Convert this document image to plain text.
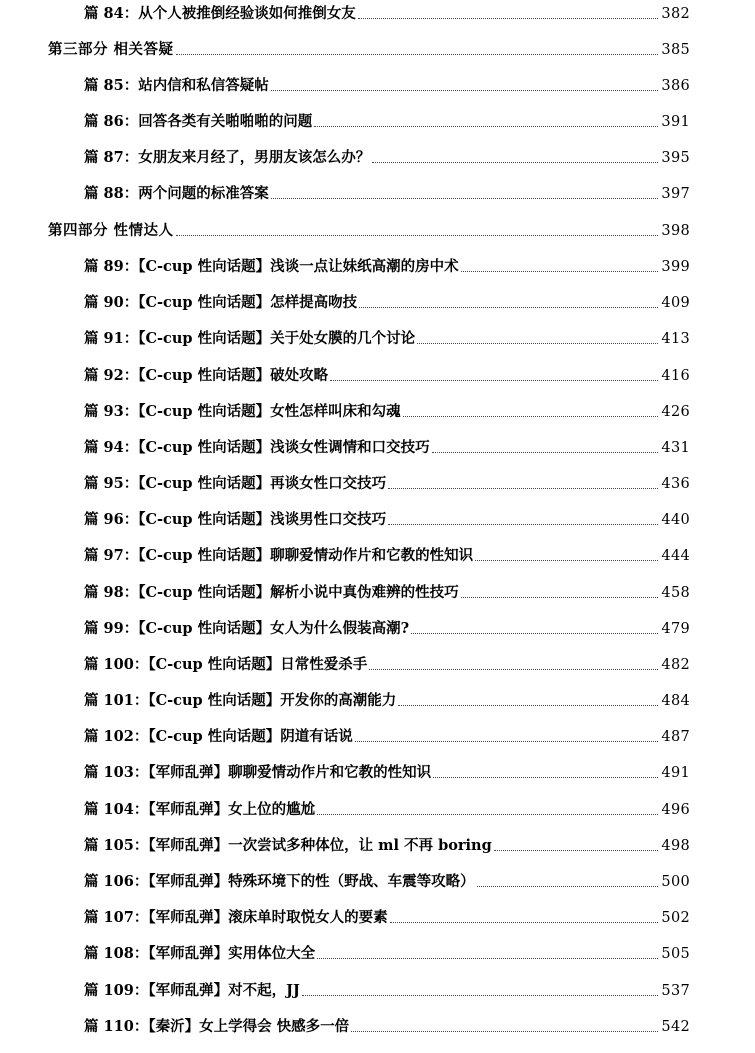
篇 84：从个人被推倒经验谈如何推倒女友	382
第三部分 相关答疑	385
篇 85：站内信和私信答疑帖	386
篇 86：回答各类有关啪啪啪的问题	391
篇 87：女朋友来月经了，男朋友该怎么办？	395
篇 88：两个问题的标准答案	397
第四部分 性情达人	398
篇 89：【C-cup 性向话题】浅谈一点让妹纸高潮的房中术	399
篇 90：【C-cup 性向话题】怎样提高吻技	409
篇 91：【C-cup 性向话题】关于处女膜的几个讨论	413
篇 92：【C-cup 性向话题】破处攻略	416
篇 93：【C-cup 性向话题】女性怎样叫床和勾魂	426
篇 94：【C-cup 性向话题】浅谈女性调情和口交技巧	431
篇 95：【C-cup 性向话题】再谈女性口交技巧	436
篇 96：【C-cup 性向话题】浅谈男性口交技巧	440
篇 97：【C-cup 性向话题】聊聊爱情动作片和它教的性知识	444
篇 98：【C-cup 性向话题】解析小说中真伪难辨的性技巧	458
篇 99：【C-cup 性向话题】女人为什么假装高潮?	479
篇 100：【C-cup 性向话题】日常性爱杀手	482
篇 101：【C-cup 性向话题】开发你的高潮能力	484
篇 102：【C-cup 性向话题】阴道有话说	487
篇 103：【军师乱弹】聊聊爱情动作片和它教的性知识	491
篇 104：【军师乱弹】女上位的尴尬	496
篇 105：【军师乱弹】一次尝试多种体位，让 ml 不再 boring	498
篇 106：【军师乱弹】特殊环境下的性（野战、车震等攻略）	500
篇 107：【军师乱弹】滚床单时取悦女人的要素	502
篇 108：【军师乱弹】实用体位大全	505
篇 109：【军师乱弹】对不起，JJ	537
篇 110：【秦沂】女上学得会 快感多一倍	542
